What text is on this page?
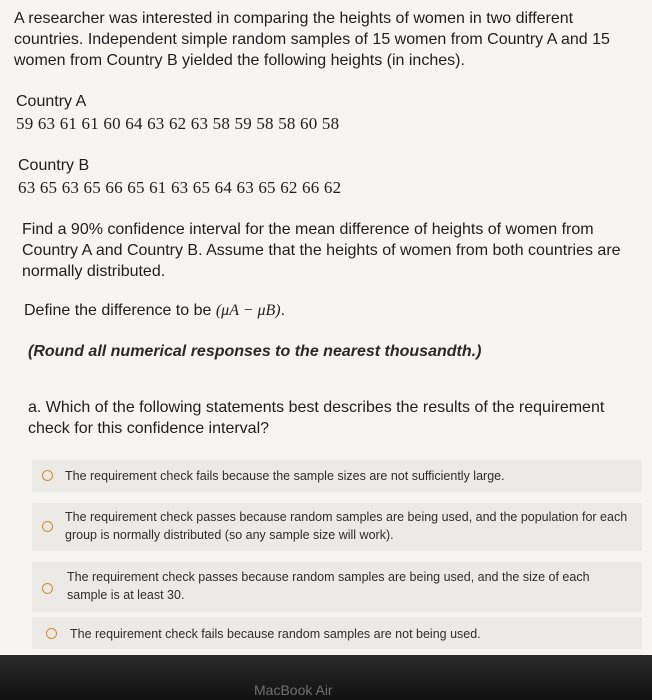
A researcher was interested in comparing the heights of women in two different countries. Independent simple random samples of 15 women from Country A and 15 women from Country B yielded the following heights (in inches).
Country A
59 63 61 61 60 64 63 62 63 58 59 58 58 60 58
Country B
63 65 63 65 66 65 61 63 65 64 63 65 62 66 62
Find a 90% confidence interval for the mean difference of heights of women from Country A and Country B. Assume that the heights of women from both countries are normally distributed.
Define the difference to be (μA − μB).
(Round all numerical responses to the nearest thousandth.)
a. Which of the following statements best describes the results of the requirement check for this confidence interval?
The requirement check fails because the sample sizes are not sufficiently large.
The requirement check passes because random samples are being used, and the population for each group is normally distributed (so any sample size will work).
The requirement check passes because random samples are being used, and the size of each sample is at least 30.
The requirement check fails because random samples are not being used.
MacBook Air
